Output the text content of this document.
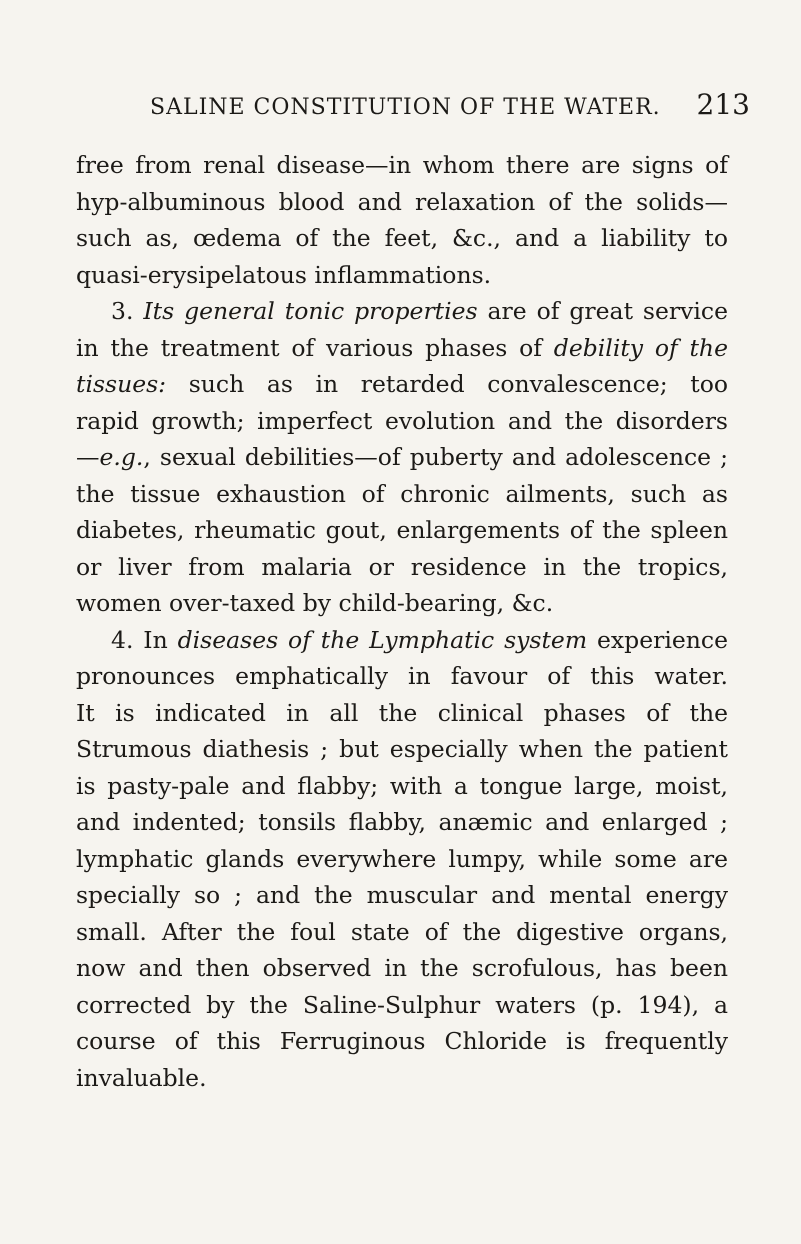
SALINE CONSTITUTION OF THE WATER. 213

free from renal disease—in whom there are signs of
hyp-albuminous blood and relaxation of the solids—
such as, œdema of the feet, &c., and a liability to
quasi-erysipelatous inflammations.

3. Its general tonic properties are of great service
in the treatment of various phases of debility of the
tissues: such as in retarded convalescence; too
rapid growth; imperfect evolution and the disorders
—e.g., sexual debilities—of puberty and adolescence ;
the tissue exhaustion of chronic ailments, such as
diabetes, rheumatic gout, enlargements of the spleen
or liver from malaria or residence in the tropics,
women over-taxed by child-bearing, &c.

4. In diseases of the Lymphatic system experience
pronounces emphatically in favour of this water.
It is indicated in all the clinical phases of the
Strumous diathesis ; but especially when the patient
is pasty-pale and flabby; with a tongue large, moist,
and indented; tonsils flabby, anæmic and enlarged ;
lymphatic glands everywhere lumpy, while some are
specially so ; and the muscular and mental energy
small. After the foul state of the digestive organs,
now and then observed in the scrofulous, has been
corrected by the Saline-Sulphur waters (p. 194), a
course of this Ferruginous Chloride is frequently
invaluable.
